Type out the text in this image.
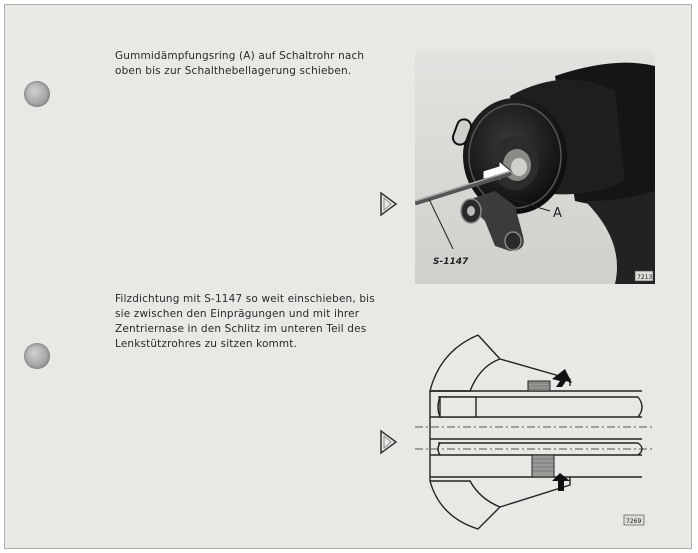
Gummidämpfungsring (A) auf Schaltrohr nach
oben bis zur Schalthebellagerung schieben.
Filzdichtung mit S-1147 so weit einschieben, bis
sie zwischen den Einprägungen und mit ihrer
Zentriernase in den Schlitz im unteren Teil des
Lenkstützrohres zu sitzen kommt.
A
S-1147
7213
7269
